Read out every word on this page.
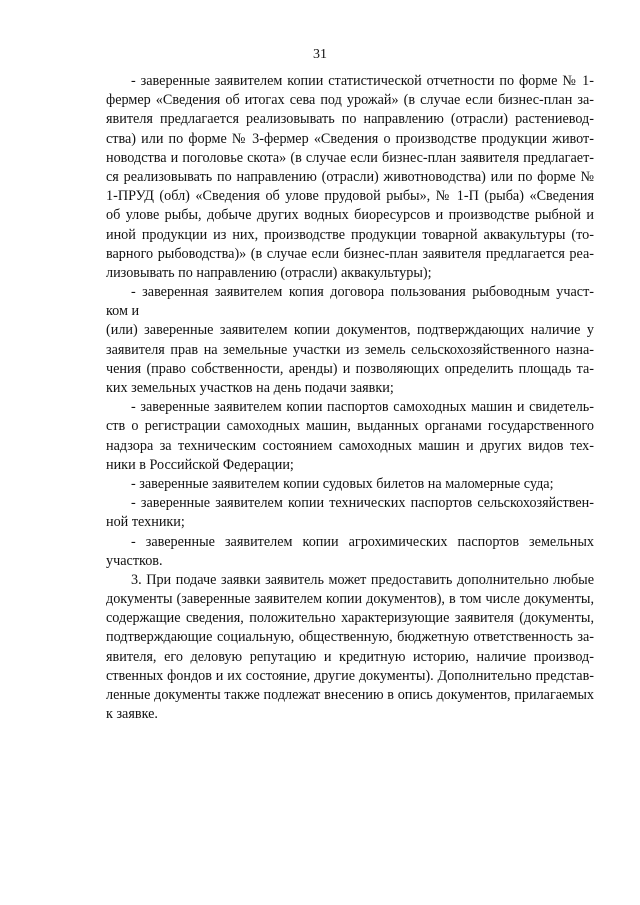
31
- заверенные заявителем копии статистической отчетности по форме № 1-
фермер «Сведения об итогах сева под урожай» (в случае если бизнес-план за-
явителя предлагается реализовывать по направлению (отрасли) растениевод-
ства) или по форме № 3-фермер «Сведения о производстве продукции живот-
новодства и поголовье скота» (в случае если бизнес-план заявителя предлагает-
ся реализовывать по направлению (отрасли) животноводства) или по форме №
1-ПРУД (обл) «Сведения об улове прудовой рыбы», № 1-П (рыба) «Сведения
об улове рыбы, добыче других водных биоресурсов и производстве рыбной и
иной продукции из них, производстве продукции товарной аквакультуры (то-
варного рыбоводства)» (в случае если бизнес-план заявителя предлагается реа-
лизовывать по направлению (отрасли) аквакультуры);
- заверенная заявителем копия договора пользования рыбоводным участ-
ком и
(или) заверенные заявителем копии документов, подтверждающих наличие у
заявителя прав на земельные участки из земель сельскохозяйственного назна-
чения (право собственности, аренды) и позволяющих определить площадь та-
ких земельных участков на день подачи заявки;
- заверенные заявителем копии паспортов самоходных машин и свидетель-
ств о регистрации самоходных машин, выданных органами государственного
надзора за техническим состоянием самоходных машин и других видов тех-
ники в Российской Федерации;
- заверенные заявителем копии судовых билетов на маломерные суда;
- заверенные заявителем копии технических паспортов сельскохозяйствен-
ной техники;
- заверенные заявителем копии агрохимических паспортов земельных
участков.
3. При подаче заявки заявитель может предоставить дополнительно любые
документы (заверенные заявителем копии документов), в том числе документы,
содержащие сведения, положительно характеризующие заявителя (документы,
подтверждающие социальную, общественную, бюджетную ответственность за-
явителя, его деловую репутацию и кредитную историю, наличие производ-
ственных фондов и их состояние, другие документы). Дополнительно представ-
ленные документы также подлежат внесению в опись документов, прилагаемых
к заявке.
